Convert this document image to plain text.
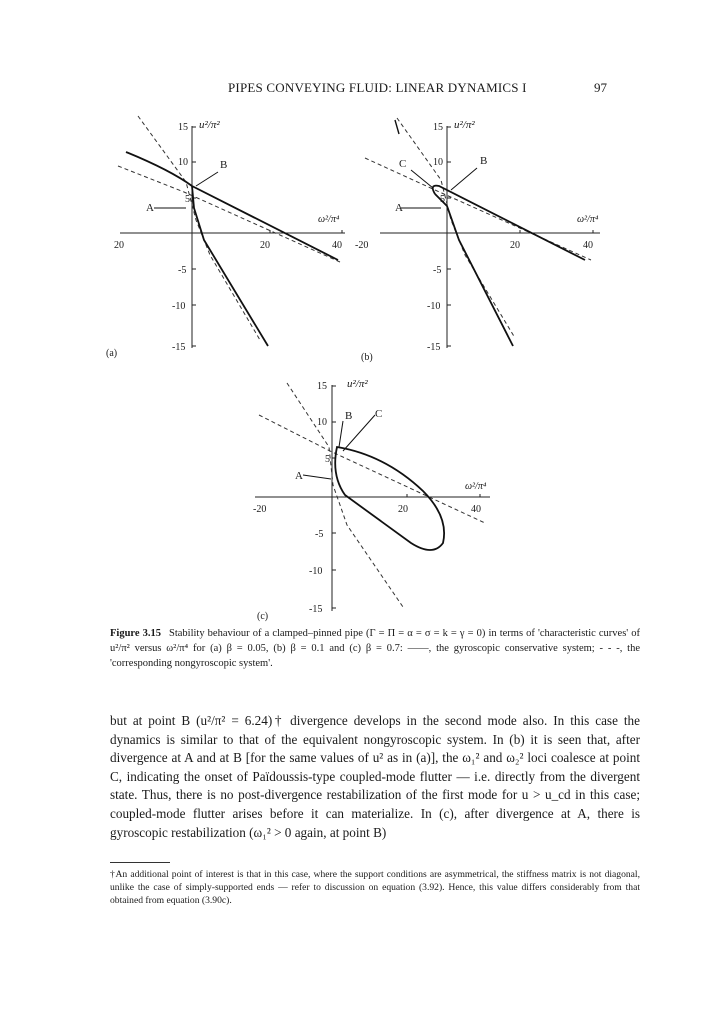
PIPES CONVEYING FLUID: LINEAR DYNAMICS I	97
u²/π²
ω²/π⁴
15
10
5
-5
-10
-15
20	20	40
A
B
(a)
u²/π²
ω²/π⁴
15
10
5
-5
-10
-15
-20	20	40
A
B
C
(b)
u²/π²
ω²/π⁴
15
10
5
-5
-10
-15
-20	20	40
A
B C
(c)
Figure 3.15 Stability behaviour of a clamped–pinned pipe (Γ = Π = α = σ = k = γ = 0) in terms of 'characteristic curves' of u²/π² versus ω²/π⁴ for (a) β = 0.05, (b) β = 0.1 and (c) β = 0.7: ——, the gyroscopic conservative system; - - -, the 'corresponding nongyroscopic system'.

but at point B (u²/π² = 6.24)† divergence develops in the second mode also. In this case the dynamics is similar to that of the equivalent nongyroscopic system. In (b) it is seen that, after divergence at A and at B [for the same values of u² as in (a)], the ω₁² and ω₂² loci coalesce at point C, indicating the onset of Païdoussis-type coupled-mode flutter — i.e. directly from the divergent state. Thus, there is no post-divergence restabilization of the first mode for u > u_cd in this case; coupled-mode flutter arises before it can materialize. In (c), after divergence at A, there is gyroscopic restabilization (ω₁² > 0 again, at point B)

†An additional point of interest is that in this case, where the support conditions are asymmetrical, the stiffness matrix is not diagonal, unlike the case of simply-supported ends — refer to discussion on equation (3.92). Hence, this value differs considerably from that obtained from equation (3.90c).
